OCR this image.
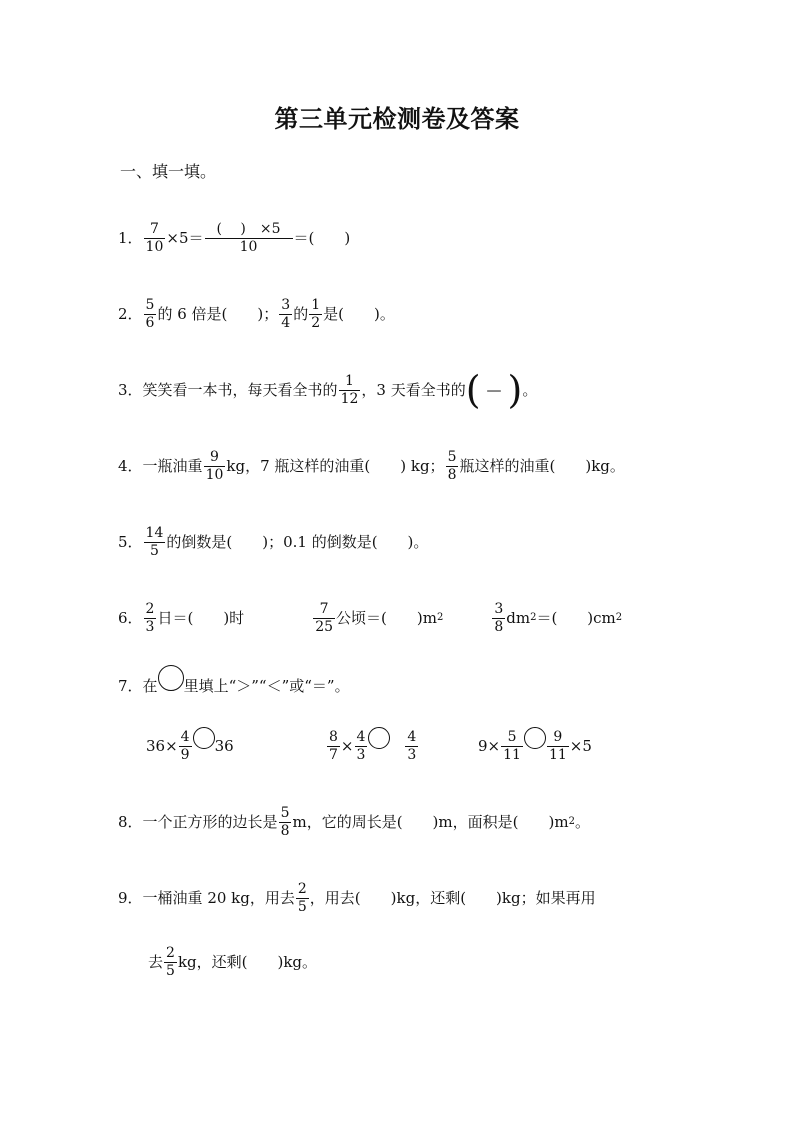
第三单元检测卷及答案
一、填一填。
1． 7
10 ×5＝ (　 )　×5
10 ＝(　　)
2． 5
6 的 6 倍是(　　)； 3
4 的 1
2 是(　　)。
3． 笑笑看一本书，每天看全书的 1
12 ，3 天看全书的 ( — ) 。
4． 一瓶油重 9
10 kg，7 瓶这样的油重(　　) kg； 5
8 瓶这样的油重(　　)kg。
5． 14
5 的倒数是(　　)；0.1 的倒数是(　　)。
6． 2
3 日＝(　　)时	7
25 公顷＝(　　)m 2
3
8 dm 2 ＝(　　)cm 2
7． 在 里填上“＞”“＜”或“＝”。
36× 4
9 36	8
7 × 4
3
4
3	9× 5
11
9
11 ×5
8． 一个正方形的边长是 5
8 m，它的周长是(　　)m，面积是(　　)m 2 。
9． 一桶油重 20 kg，用去 2
5 ，用去(　　)kg，还剩(　　)kg；如果再用
去 2
5 kg，还剩(　　)kg。
